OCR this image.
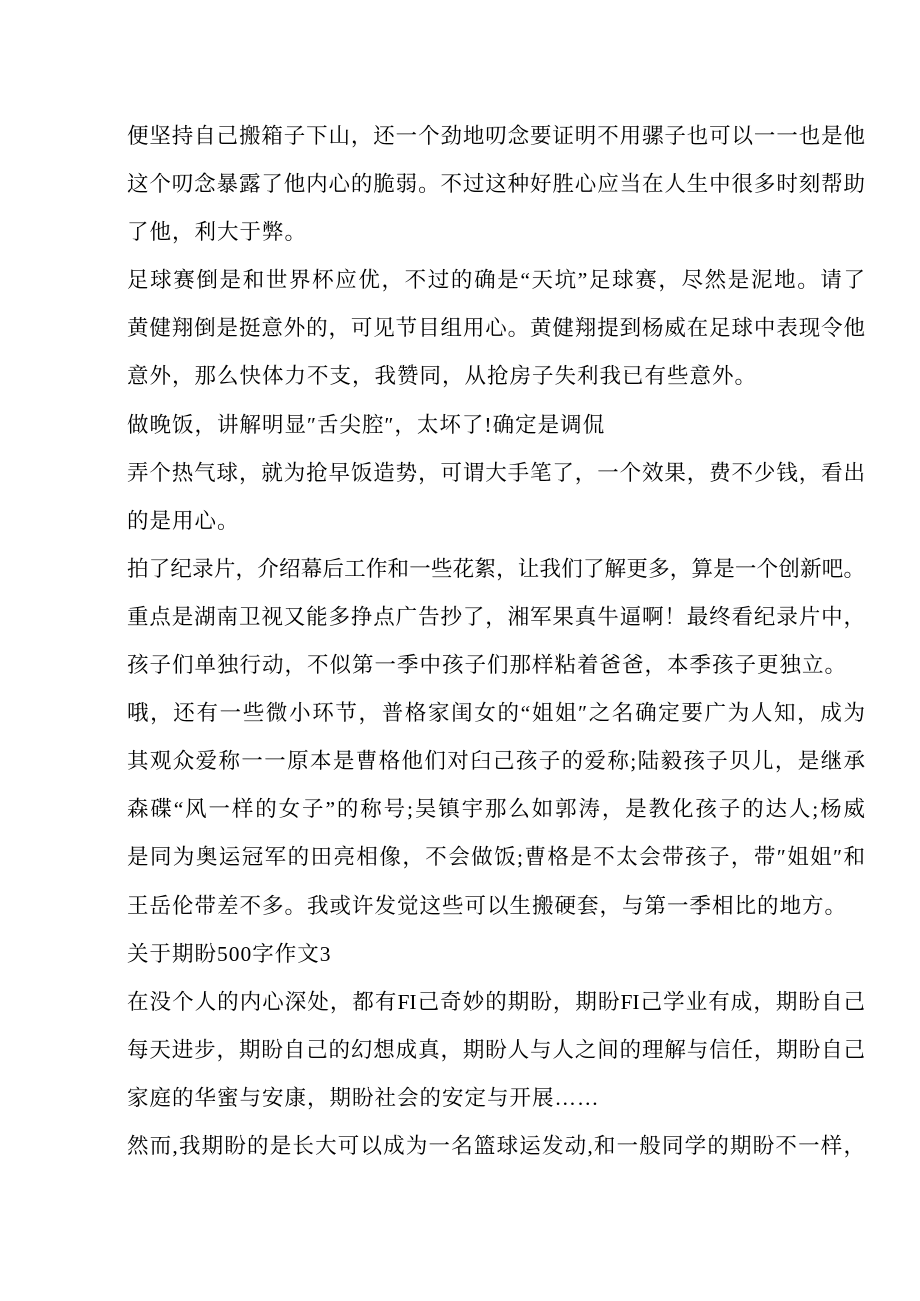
便坚持自己搬箱子下山，还一个劲地叨念要证明不用骡子也可以一一也是他
这个叨念暴露了他内心的脆弱。不过这种好胜心应当在人生中很多时刻帮助
了他，利大于弊。
足球赛倒是和世界杯应优，不过的确是“天坑”足球赛，尽然是泥地。请了
黄健翔倒是挺意外的，可见节目组用心。黄健翔提到杨威在足球中表现令他
意外，那么快体力不支，我赞同，从抢房子失利我已有些意外。
做晚饭，讲解明显″舌尖腔″，太坏了!确定是调侃
弄个热气球，就为抢早饭造势，可谓大手笔了，一个效果，费不少钱，看出
的是用心。
拍了纪录片，介绍幕后工作和一些花絮，让我们了解更多，算是一个创新吧。
重点是湖南卫视又能多挣点广告抄了，湘军果真牛逼啊！最终看纪录片中，
孩子们单独行动，不似第一季中孩子们那样粘着爸爸，本季孩子更独立。
哦，还有一些微小环节，普格家闺女的“姐姐″之名确定要广为人知，成为
其观众爱称一一原本是曹格他们对臼己孩子的爱称;陆毅孩子贝儿，是继承
森碟“风一样的女子”的称号;吴镇宇那么如郭涛，是教化孩子的达人;杨威
是同为奥运冠军的田亮相像，不会做饭;曹格是不太会带孩子，带″姐姐″和
王岳伦带差不多。我或许发觉这些可以生搬硬套，与第一季相比的地方。
关于期盼500字作文3
在没个人的内心深处，都有FI己奇妙的期盼，期盼FI己学业有成，期盼自己
每天进步，期盼自己的幻想成真，期盼人与人之间的理解与信任，期盼自己
家庭的华蜜与安康，期盼社会的安定与开展……
然而,我期盼的是长大可以成为一名篮球运发动,和一般同学的期盼不一样，
